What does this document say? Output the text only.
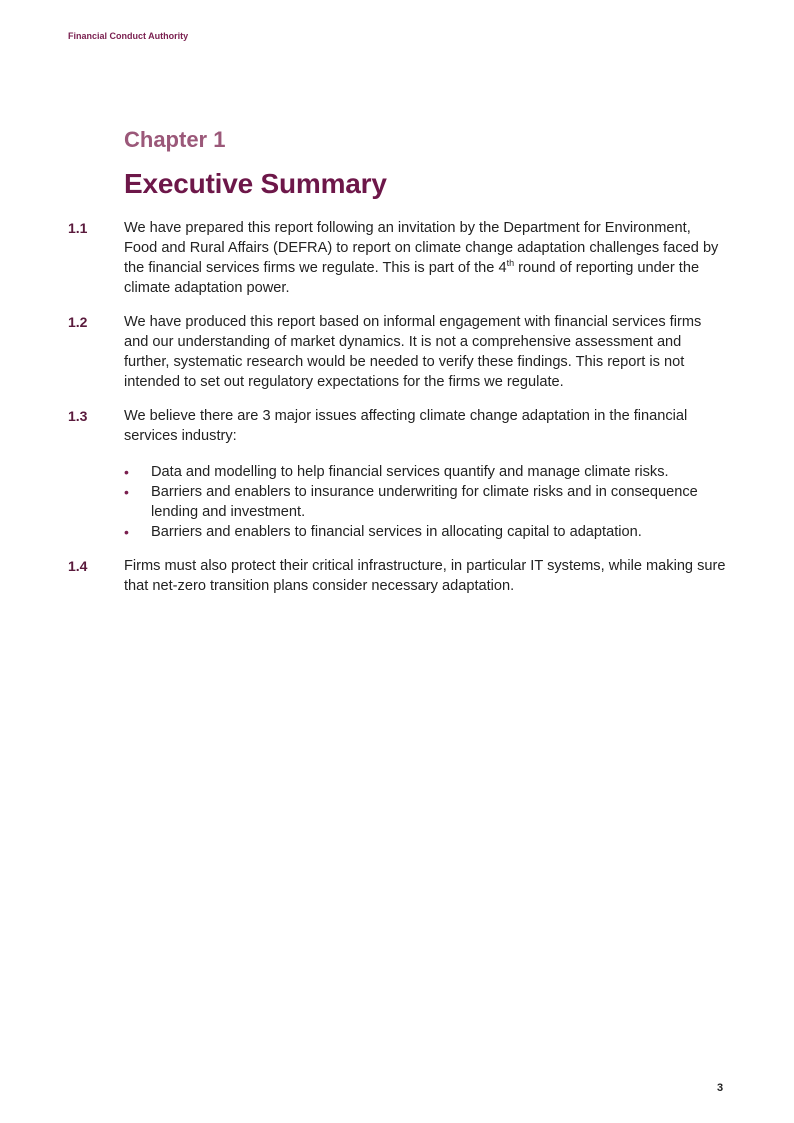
Financial Conduct Authority
Chapter 1
Executive Summary
1.1	We have prepared this report following an invitation by the Department for Environment, Food and Rural Affairs (DEFRA) to report on climate change adaptation challenges faced by the financial services firms we regulate. This is part of the 4th round of reporting under the climate adaptation power.
1.2	We have produced this report based on informal engagement with financial services firms and our understanding of market dynamics. It is not a comprehensive assessment and further, systematic research would be needed to verify these findings. This report is not intended to set out regulatory expectations for the firms we regulate.
1.3	We believe there are 3 major issues affecting climate change adaptation in the financial services industry:
• Data and modelling to help financial services quantify and manage climate risks.
• Barriers and enablers to insurance underwriting for climate risks and in consequence lending and investment.
• Barriers and enablers to financial services in allocating capital to adaptation.
1.4	Firms must also protect their critical infrastructure, in particular IT systems, while making sure that net-zero transition plans consider necessary adaptation.
3
